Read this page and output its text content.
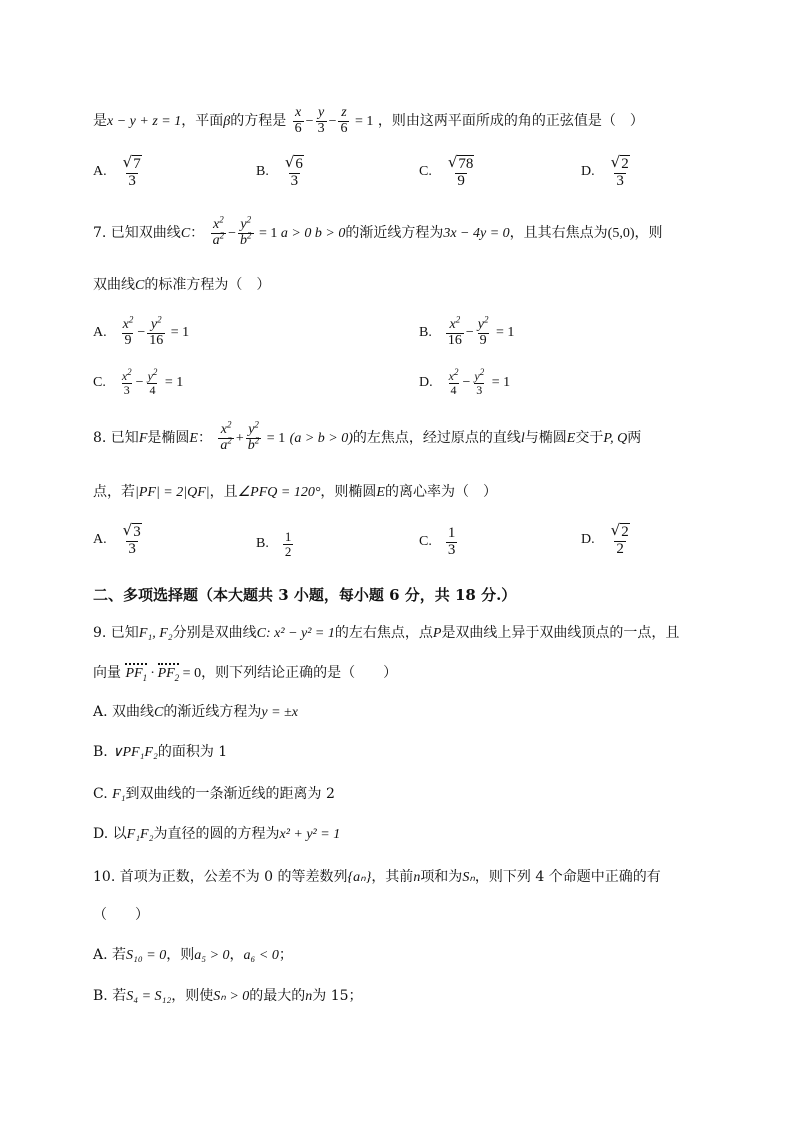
是x − y + z = 1，平面β的方程是 $\frac{x}{6} - \frac{y}{3} - \frac{z}{6} = 1$ ，则由这两平面所成的角的正弦值是（　）
A. $\frac{√ 7}{3}$	B. $\frac{√ 6}{3}$	C. $\frac{√ 78}{9}$	D. $\frac{√ 2}{3}$
7. 已知双曲线C： $\frac{x^2}{a^2} - \frac{y^2}{b^2} = 1$ a > 0 b > 0的渐近线方程为3x − 4y = 0，且其右焦点为(5,0)，则
双曲线C的标准方程为（　）
A. $\frac{x^2}{9} - \frac{y^2}{16} = 1$	B. $\frac{x^2}{16} - \frac{y^2}{9} = 1$
C. $\frac{x^2}{3} - \frac{y^2}{4} = 1$	D. $\frac{x^2}{4} - \frac{y^2}{3} = 1$
8. 已知F是椭圆E： $\frac{x^2}{a^2} + \frac{y^2}{b^2} = 1$ (a > b > 0)的左焦点，经过原点的直线l与椭圆E交于P, Q两
点，若|PF| = 2|QF|，且∠PFQ = 120°，则椭圆E的离心率为（　）
A. $\frac{√ 3}{3}$	B. $\frac{1}{2}$	C. $\frac{1}{3}$	D. $\frac{√ 2}{2}$
二、多项选择题（本大题共 3 小题，每小题 6 分，共 18 分.）
9. 已知F₁, F₂分别是双曲线C: x² − y² = 1的左右焦点，点P是双曲线上异于双曲线顶点的一点，且
向量 $PF_1 \cdot PF_2 = 0$，则下列结论正确的是（　　）
A. 双曲线C的渐近线方程为y = ±x
B. ∨PF₁F₂的面积为 1
C. F₁到双曲线的一条渐近线的距离为 2
D. 以F₁F₂为直径的圆的方程为x² + y² = 1
10. 首项为正数，公差不为 0 的等差数列{aₙ}，其前n项和为Sₙ，则下列 4 个命题中正确的有
（　　）
A. 若S₁₀ = 0，则a₅ > 0，a₆ < 0；
B. 若S₄ = S₁₂，则使Sₙ > 0的最大的n为 15；
